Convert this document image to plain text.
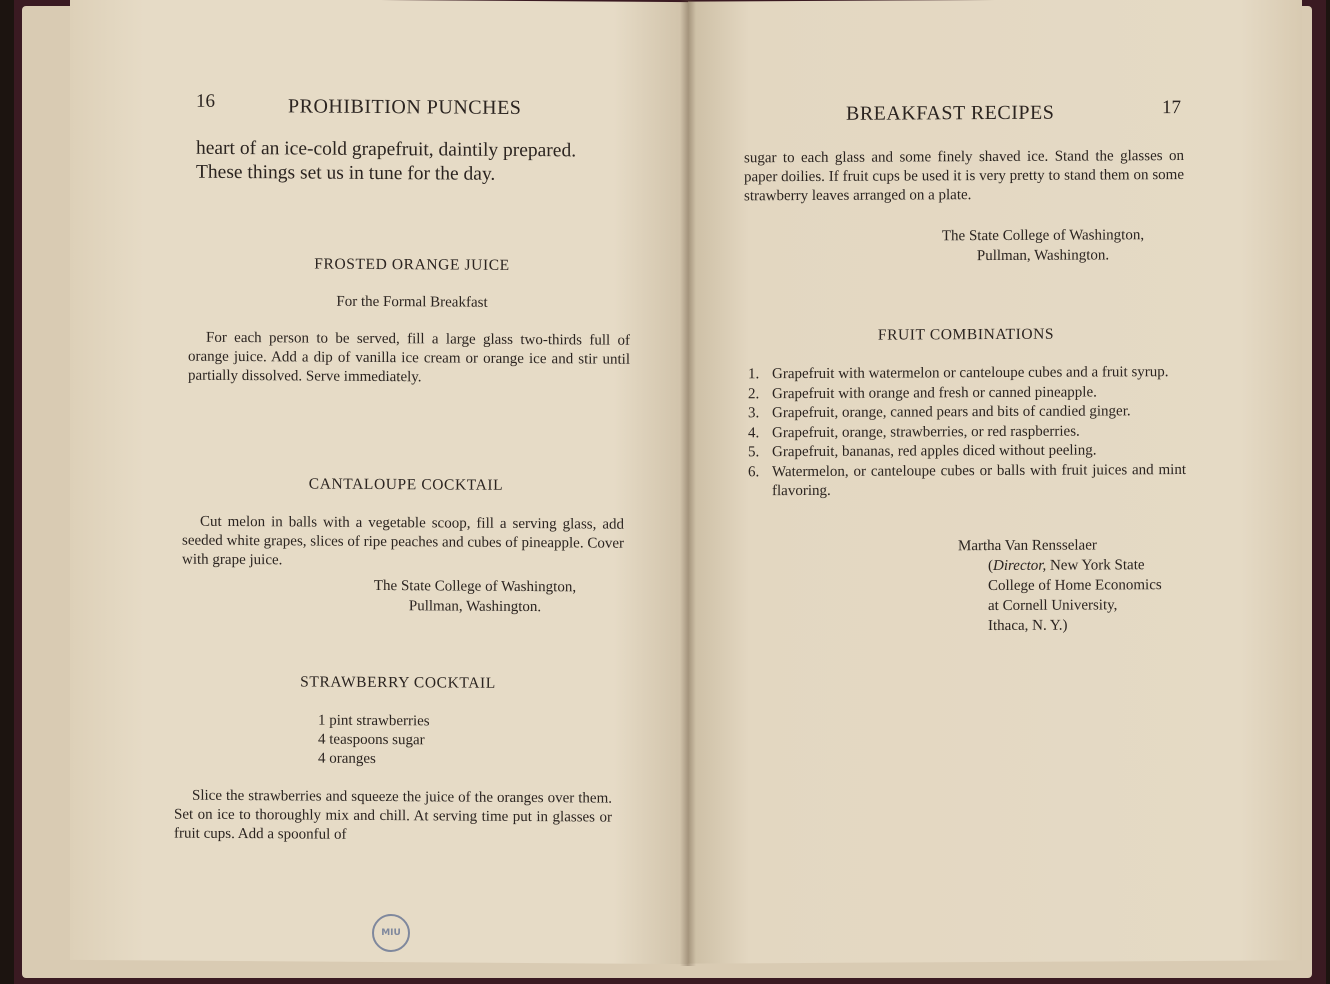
16	PROHIBITION PUNCHES
heart of an ice-cold grapefruit, daintily prepared.
These things set us in tune for the day.
FROSTED ORANGE JUICE
For the Formal Breakfast

For each person to be served, fill a large glass two-thirds full of orange juice. Add a dip of vanilla ice cream or orange ice and stir until partially dissolved. Serve immediately.

CANTALOUPE COCKTAIL

Cut melon in balls with a vegetable scoop, fill a serving glass, add seeded white grapes, slices of ripe peaches and cubes of pineapple. Cover with grape juice.

The State College of Washington,
Pullman, Washington.
STRAWBERRY COCKTAIL
1 pint strawberries
4 teaspoons sugar
4 oranges

Slice the strawberries and squeeze the juice of the oranges over them. Set on ice to thoroughly mix and chill. At serving time put in glasses or fruit cups. Add a spoonful of

MIU
BREAKFAST RECIPES	17

sugar to each glass and some finely shaved ice. Stand the glasses on paper doilies. If fruit cups be used it is very pretty to stand them on some strawberry leaves arranged on a plate.

The State College of Washington,
Pullman, Washington.
FRUIT COMBINATIONS
1. Grapefruit with watermelon or canteloupe cubes and a fruit syrup.
2. Grapefruit with orange and fresh or canned pineapple.
3. Grapefruit, orange, canned pears and bits of candied ginger.
4. Grapefruit, orange, strawberries, or red raspberries.
5. Grapefruit, bananas, red apples diced without peeling.
6. Watermelon, or canteloupe cubes or balls with fruit juices and mint flavoring.
Martha Van Rensselaer
(Director, New York State
College of Home Economics
at Cornell University,
Ithaca, N. Y.)
